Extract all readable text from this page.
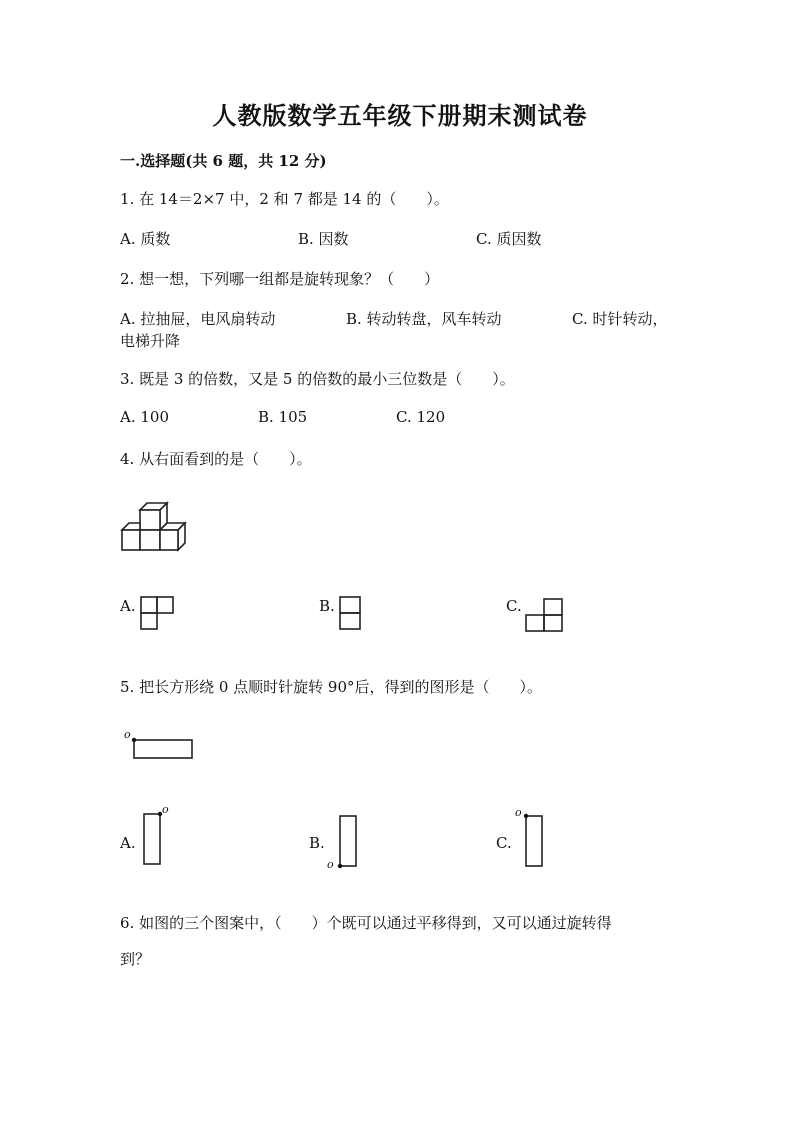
人教版数学五年级下册期末测试卷
一.选择题(共 6 题，共 12 分)
1. 在 14＝2×7 中，2 和 7 都是 14 的（　　）。
A. 质数	B. 因数	C. 质因数
2. 想一想，下列哪一组都是旋转现象？（　　）
A. 拉抽屉，电风扇转动	B. 转动转盘，风车转动	C. 时针转动，
电梯升降
3. 既是 3 的倍数，又是 5 的倍数的最小三位数是（　　）。
A. 100	B. 105	C. 120
4. 从右面看到的是（　　）。
A.	B.	C.
5. 把长方形绕 0 点顺时针旋转 90°后，得到的图形是（　　）。
o
A.
o
B.
o
C.
o
6. 如图的三个图案中，（　　）个既可以通过平移得到，又可以通过旋转得
到？
